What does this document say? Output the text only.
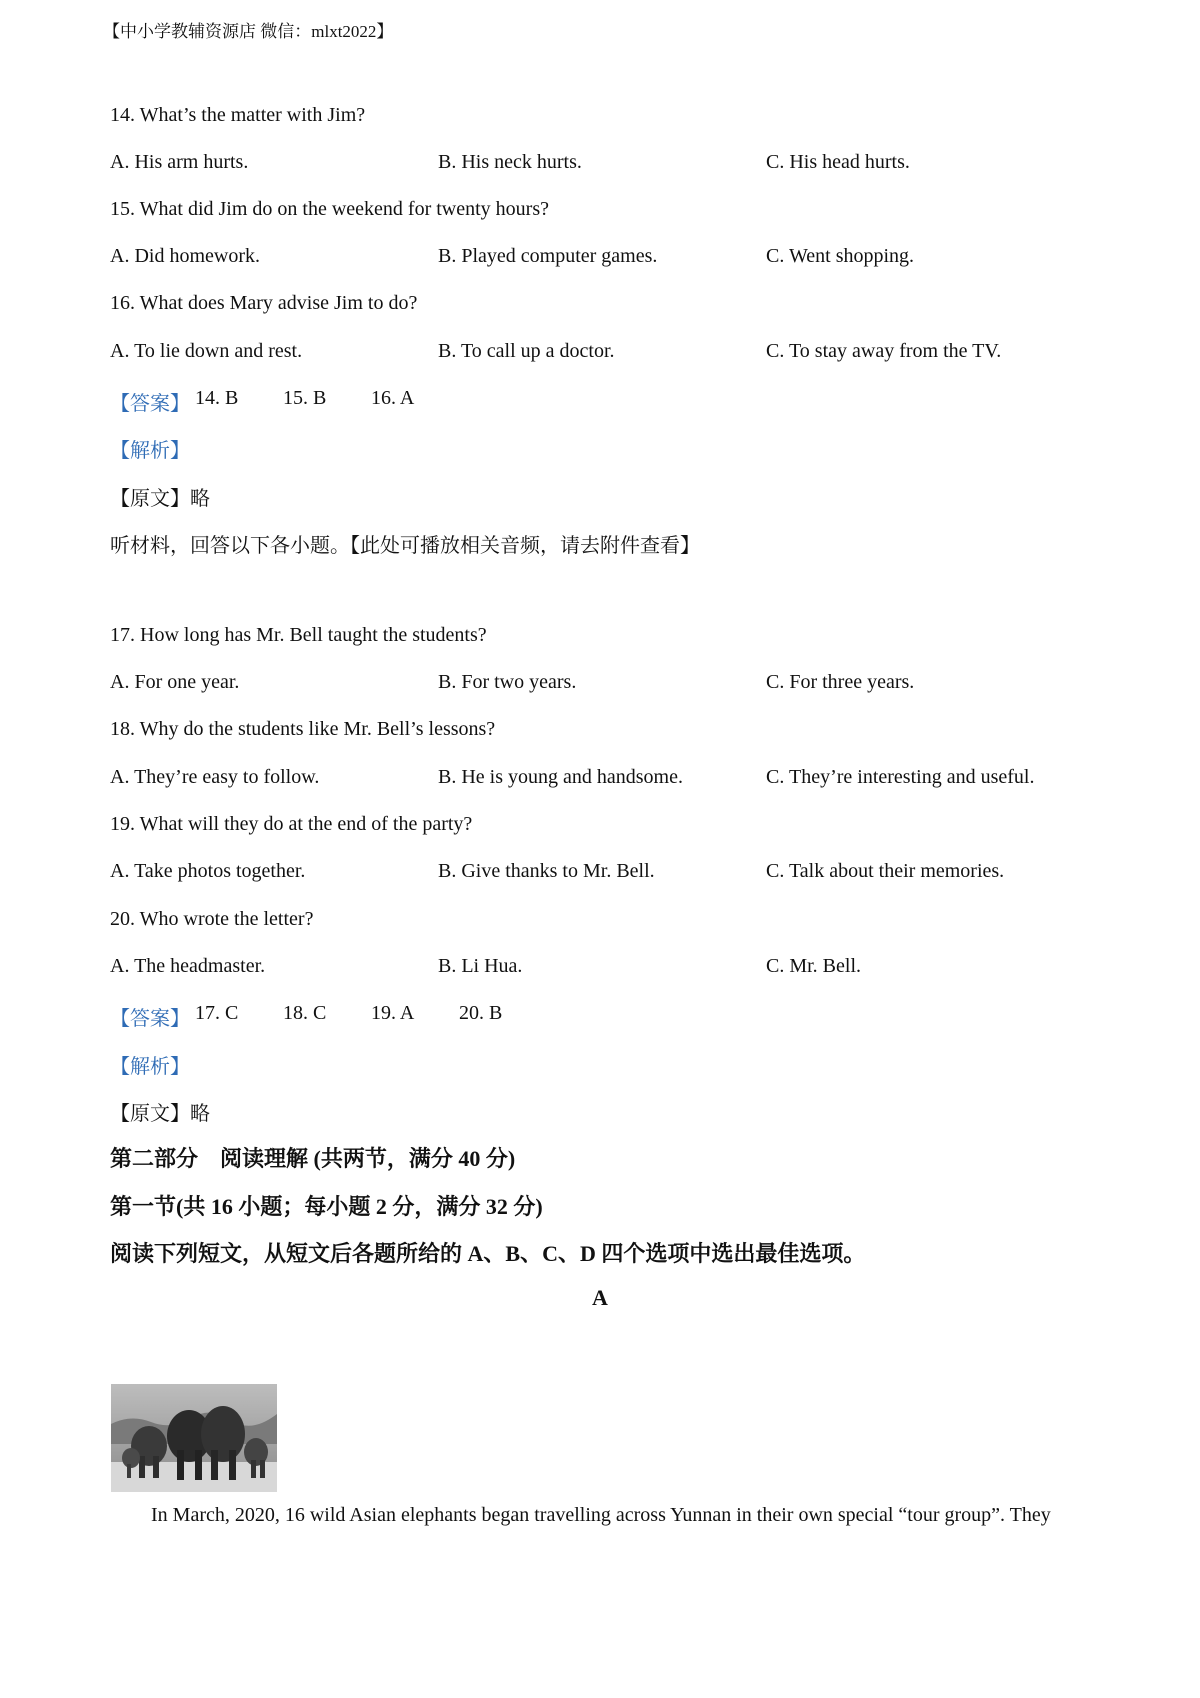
【中小学教辅资源店 微信：mlxt2022】
14. What’s the matter with Jim?
A. His arm hurts.	B. His neck hurts.	C. His head hurts.
15. What did Jim do on the weekend for twenty hours?
A. Did homework.	B. Played computer games.	C. Went shopping.
16. What does Mary advise Jim to do?
A. To lie down and rest.	B. To call up a doctor.	C. To stay away from the TV.
【答案】 14. B 15. B 16. A
【解析】
【原文】略
听材料，回答以下各小题。【此处可播放相关音频，请去附件查看】
17. How long has Mr. Bell taught the students?
A. For one year.	B. For two years.	C. For three years.
18. Why do the students like Mr. Bell’s lessons?
A. They’re easy to follow.	B. He is young and handsome.	C. They’re interesting and useful.
19. What will they do at the end of the party?
A. Take photos together.	B. Give thanks to Mr. Bell.	C. Talk about their memories.
20. Who wrote the letter?
A. The headmaster.	B. Li Hua.	C. Mr. Bell.
【答案】 17. C 18. C 19. A 20. B
【解析】
【原文】略
第二部分　阅读理解 (共两节，满分 40 分)
第一节(共 16 小题；每小题 2 分，满分 32 分)
阅读下列短文，从短文后各题所给的 A、B、C、D 四个选项中选出最佳选项。
A
In March, 2020, 16 wild Asian elephants began travelling across Yunnan in their own special “tour group”. They
